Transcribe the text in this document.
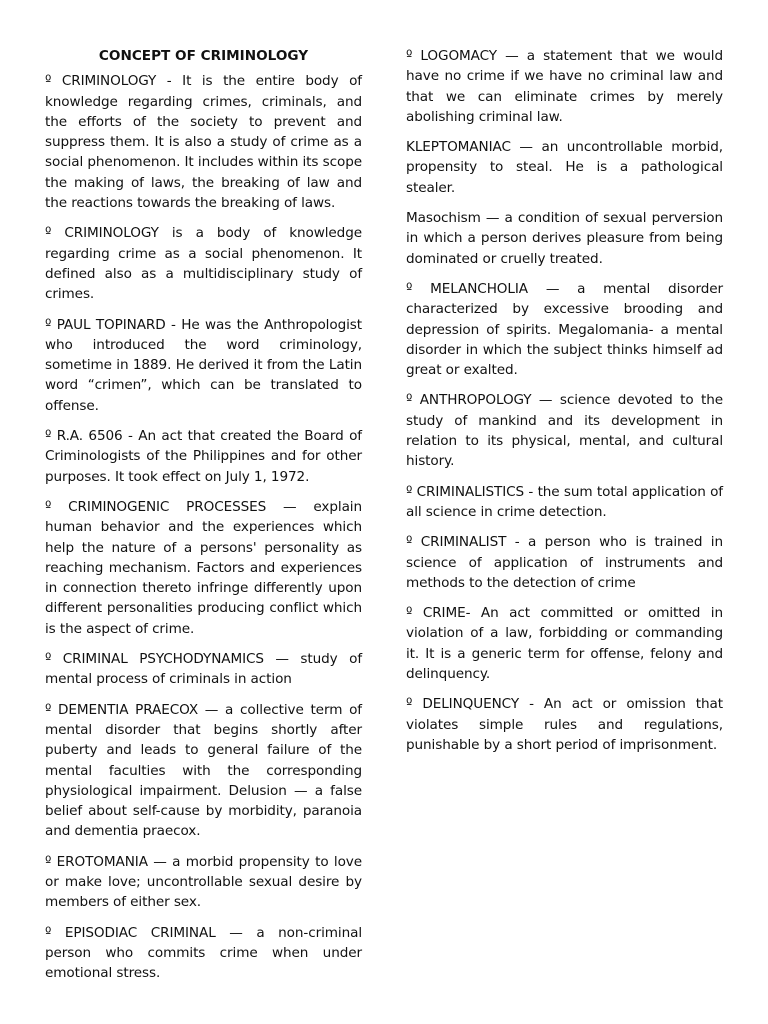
CONCEPT OF CRIMINOLOGY

º CRIMINOLOGY - It is the entire body of knowledge regarding crimes, criminals, and the efforts of the society to prevent and suppress them. It is also a study of crime as a social phenomenon. It includes within its scope the making of laws, the breaking of law and the reactions towards the breaking of laws.

º CRIMINOLOGY is a body of knowledge regarding crime as a social phenomenon. It defined also as a multidisciplinary study of crimes.

º PAUL TOPINARD - He was the Anthropologist who introduced the word criminology, sometime in 1889. He derived it from the Latin word “crimen”, which can be translated to offense.

º R.A. 6506 - An act that created the Board of Criminologists of the Philippines and for other purposes. It took effect on July 1, 1972.

º CRIMINOGENIC PROCESSES — explain human behavior and the experiences which help the nature of a persons' personality as reaching mechanism. Factors and experiences in connection thereto infringe differently upon different personalities producing conflict which is the aspect of crime.

º CRIMINAL PSYCHODYNAMICS — study of mental process of criminals in action

º DEMENTIA PRAECOX — a collective term of mental disorder that begins shortly after puberty and leads to general failure of the mental faculties with the corresponding physiological impairment. Delusion — a false belief about self-cause by morbidity, paranoia and dementia praecox.

º EROTOMANIA — a morbid propensity to love or make love; uncontrollable sexual desire by members of either sex.

º EPISODIAC CRIMINAL — a non-criminal person who commits crime when under emotional stress.

º LOGOMACY — a statement that we would have no crime if we have no criminal law and that we can eliminate crimes by merely abolishing criminal law.

KLEPTOMANIAC — an uncontrollable morbid, propensity to steal. He is a pathological stealer.

Masochism — a condition of sexual perversion in which a person derives pleasure from being dominated or cruelly treated.

º MELANCHOLIA — a mental disorder characterized by excessive brooding and depression of spirits. Megalomania- a mental disorder in which the subject thinks himself ad great or exalted.

º ANTHROPOLOGY — science devoted to the study of mankind and its development in relation to its physical, mental, and cultural history.

º CRIMINALISTICS - the sum total application of all science in crime detection.

º CRIMINALIST - a person who is trained in science of application of instruments and methods to the detection of crime

º CRIME- An act committed or omitted in violation of a law, forbidding or commanding it. It is a generic term for offense, felony and delinquency.

º DELINQUENCY - An act or omission that violates simple rules and regulations, punishable by a short period of imprisonment.
